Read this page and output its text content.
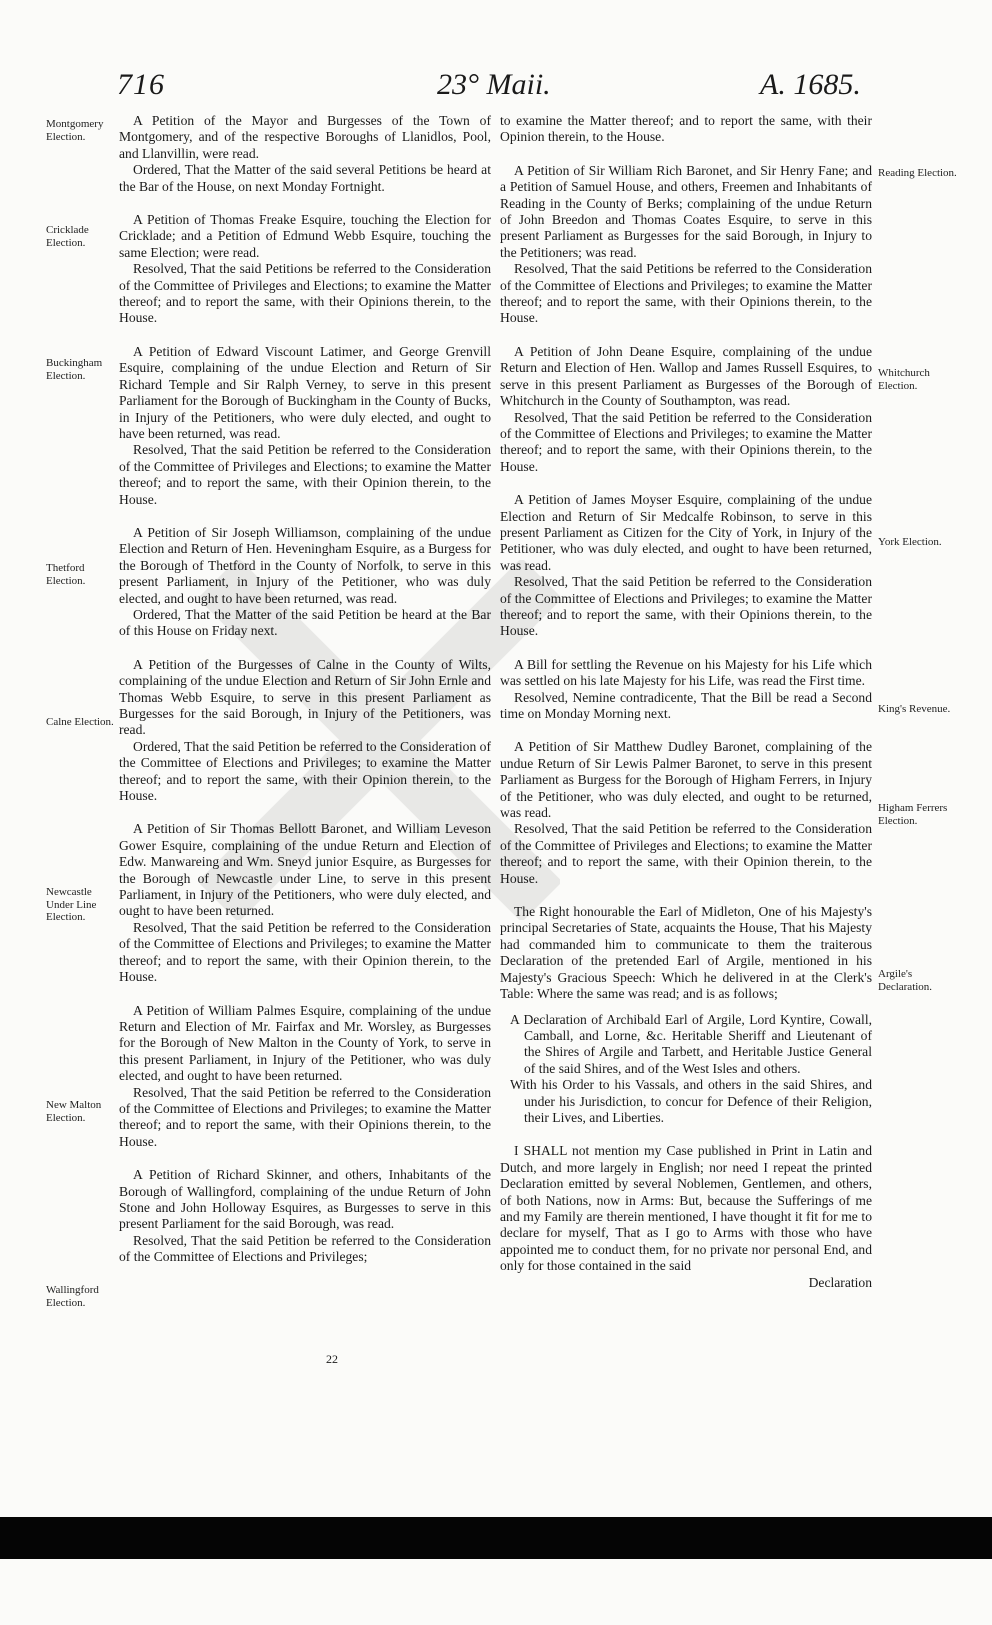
716	23° Maii.	A. 1685.
Montgomery Election.
Cricklade Election.
Buckingham Election.
Thetford Election.
Calne Election.
Newcastle Under Line Election.
New Malton Election.
Wallingford Election.
Reading Election.
Whitchurch Election.
York Election.
King's Revenue.
Higham Ferrers Election.
Argile's Declaration.

A Petition of the Mayor and Burgesses of the Town of Montgomery, and of the respective Boroughs of Llanidlos, Pool, and Llanvillin, were read.

Ordered, That the Matter of the said several Petitions be heard at the Bar of the House, on next Monday Fortnight.

A Petition of Thomas Freake Esquire, touching the Election for Cricklade; and a Petition of Edmund Webb Esquire, touching the same Election; were read.

Resolved, That the said Petitions be referred to the Consideration of the Committee of Privileges and Elections; to examine the Matter thereof; and to report the same, with their Opinions therein, to the House.

A Petition of Edward Viscount Latimer, and George Grenvill Esquire, complaining of the undue Election and Return of Sir Richard Temple and Sir Ralph Verney, to serve in this present Parliament for the Borough of Buckingham in the County of Bucks, in Injury of the Petitioners, who were duly elected, and ought to have been returned, was read.

Resolved, That the said Petition be referred to the Consideration of the Committee of Privileges and Elections; to examine the Matter thereof; and to report the same, with their Opinion therein, to the House.

A Petition of Sir Joseph Williamson, complaining of the undue Election and Return of Hen. Heveningham Esquire, as a Burgess for the Borough of Thetford in the County of Norfolk, to serve in this present Parliament, in Injury of the Petitioner, who was duly elected, and ought to have been returned, was read.

Ordered, That the Matter of the said Petition be heard at the Bar of this House on Friday next.

A Petition of the Burgesses of Calne in the County of Wilts, complaining of the undue Election and Return of Sir John Ernle and Thomas Webb Esquire, to serve in this present Parliament as Burgesses for the said Borough, in Injury of the Petitioners, was read.

Ordered, That the said Petition be referred to the Consideration of the Committee of Elections and Privileges; to examine the Matter thereof; and to report the same, with their Opinion therein, to the House.

A Petition of Sir Thomas Bellott Baronet, and William Leveson Gower Esquire, complaining of the undue Return and Election of Edw. Manwareing and Wm. Sneyd junior Esquire, as Burgesses for the Borough of Newcastle under Line, to serve in this present Parliament, in Injury of the Petitioners, who were duly elected, and ought to have been returned.

Resolved, That the said Petition be referred to the Consideration of the Committee of Elections and Privileges; to examine the Matter thereof; and to report the same, with their Opinion therein, to the House.

A Petition of William Palmes Esquire, complaining of the undue Return and Election of Mr. Fairfax and Mr. Worsley, as Burgesses for the Borough of New Malton in the County of York, to serve in this present Parliament, in Injury of the Petitioner, who was duly elected, and ought to have been returned.

Resolved, That the said Petition be referred to the Consideration of the Committee of Elections and Privileges; to examine the Matter thereof; and to report the same, with their Opinions therein, to the House.

A Petition of Richard Skinner, and others, Inhabitants of the Borough of Wallingford, complaining of the undue Return of John Stone and John Holloway Esquires, as Burgesses to serve in this present Parliament for the said Borough, was read.

Resolved, That the said Petition be referred to the Consideration of the Committee of Elections and Privileges;

to examine the Matter thereof; and to report the same, with their Opinion therein, to the House.

A Petition of Sir William Rich Baronet, and Sir Henry Fane; and a Petition of Samuel House, and others, Freemen and Inhabitants of Reading in the County of Berks; complaining of the undue Return of John Breedon and Thomas Coates Esquire, to serve in this present Parliament as Burgesses for the said Borough, in Injury to the Petitioners; was read.

Resolved, That the said Petitions be referred to the Consideration of the Committee of Elections and Privileges; to examine the Matter thereof; and to report the same, with their Opinions therein, to the House.

A Petition of John Deane Esquire, complaining of the undue Return and Election of Hen. Wallop and James Russell Esquires, to serve in this present Parliament as Burgesses of the Borough of Whitchurch in the County of Southampton, was read.

Resolved, That the said Petition be referred to the Consideration of the Committee of Elections and Privileges; to examine the Matter thereof; and to report the same, with their Opinions therein, to the House.

A Petition of James Moyser Esquire, complaining of the undue Election and Return of Sir Medcalfe Robinson, to serve in this present Parliament as Citizen for the City of York, in Injury of the Petitioner, who was duly elected, and ought to have been returned, was read.

Resolved, That the said Petition be referred to the Consideration of the Committee of Elections and Privileges; to examine the Matter thereof; and to report the same, with their Opinions therein, to the House.

A Bill for settling the Revenue on his Majesty for his Life which was settled on his late Majesty for his Life, was read the First time.

Resolved, Nemine contradicente, That the Bill be read a Second time on Monday Morning next.

A Petition of Sir Matthew Dudley Baronet, complaining of the undue Return of Sir Lewis Palmer Baronet, to serve in this present Parliament as Burgess for the Borough of Higham Ferrers, in Injury of the Petitioner, who was duly elected, and ought to be returned, was read.

Resolved, That the said Petition be referred to the Consideration of the Committee of Privileges and Elections; to examine the Matter thereof; and to report the same, with their Opinion therein, to the House.

The Right honourable the Earl of Midleton, One of his Majesty's principal Secretaries of State, acquaints the House, That his Majesty had commanded him to communicate to them the traiterous Declaration of the pretended Earl of Argile, mentioned in his Majesty's Gracious Speech: Which he delivered in at the Clerk's Table: Where the same was read; and is as follows;

A Declaration of Archibald Earl of Argile, Lord Kyntire, Cowall, Camball, and Lorne, &c. Heritable Sheriff and Lieutenant of the Shires of Argile and Tarbett, and Heritable Justice General of the said Shires, and of the West Isles and others.

With his Order to his Vassals, and others in the said Shires, and under his Jurisdiction, to concur for Defence of their Religion, their Lives, and Liberties.

I SHALL not mention my Case published in Print in Latin and Dutch, and more largely in English; nor need I repeat the printed Declaration emitted by several Noblemen, Gentlemen, and others, of both Nations, now in Arms: But, because the Sufferings of me and my Family are therein mentioned, I have thought it fit for me to declare for myself, That as I go to Arms with those who have appointed me to conduct them, for no private nor personal End, and only for those contained in the said

Declaration

22
